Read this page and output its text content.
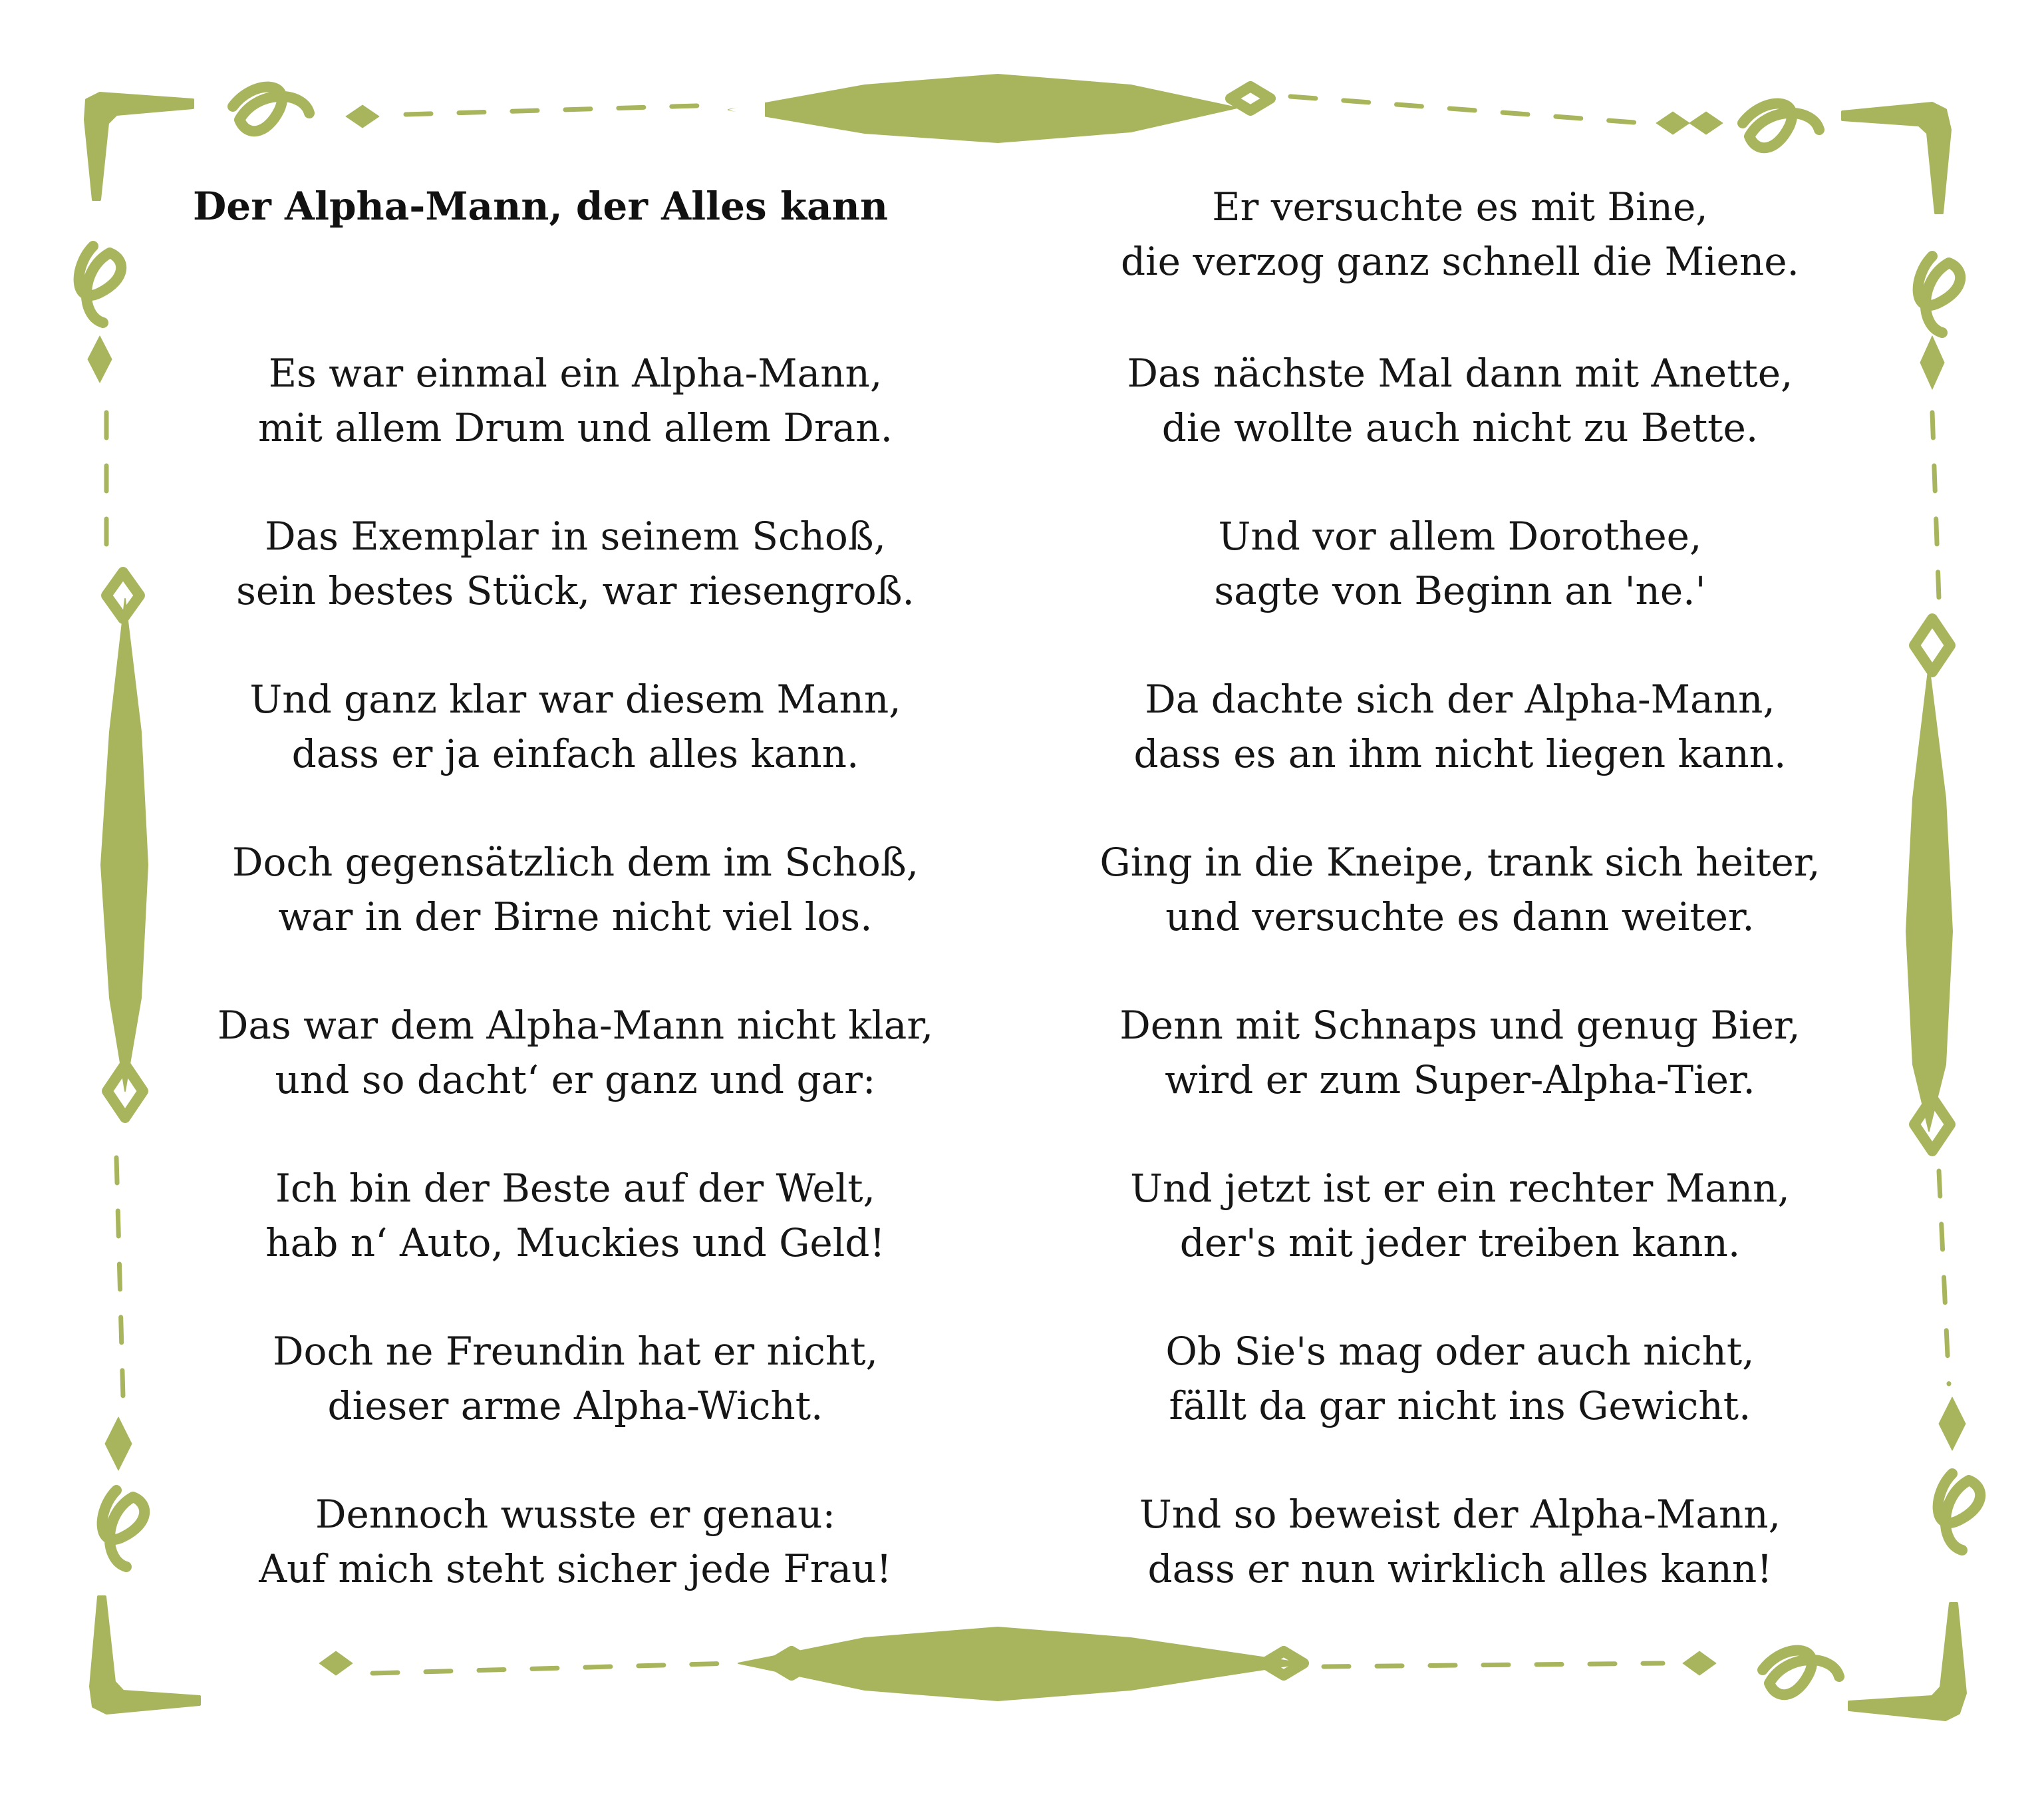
Der Alpha-Mann, der Alles kann
Es war einmal ein Alpha-Mann,
mit allem Drum und allem Dran.
Das Exemplar in seinem Schoß,
sein bestes Stück, war riesengroß.
Und ganz klar war diesem Mann,
dass er ja einfach alles kann.
Doch gegensätzlich dem im Schoß,
war in der Birne nicht viel los.
Das war dem Alpha-Mann nicht klar,
und so dacht‘ er ganz und gar:
Ich bin der Beste auf der Welt,
hab n‘ Auto, Muckies und Geld!
Doch ne Freundin hat er nicht,
dieser arme Alpha-Wicht.
Dennoch wusste er genau:
Auf mich steht sicher jede Frau!
Er versuchte es mit Bine,
die verzog ganz schnell die Miene.
Das nächste Mal dann mit Anette,
die wollte auch nicht zu Bette.
Und vor allem Dorothee,
sagte von Beginn an 'ne.'
Da dachte sich der Alpha-Mann,
dass es an ihm nicht liegen kann.
Ging in die Kneipe, trank sich heiter,
und versuchte es dann weiter.
Denn mit Schnaps und genug Bier,
wird er zum Super-Alpha-Tier.
Und jetzt ist er ein rechter Mann,
der's mit jeder treiben kann.
Ob Sie's mag oder auch nicht,
fällt da gar nicht ins Gewicht.
Und so beweist der Alpha-Mann,
dass er nun wirklich alles kann!
